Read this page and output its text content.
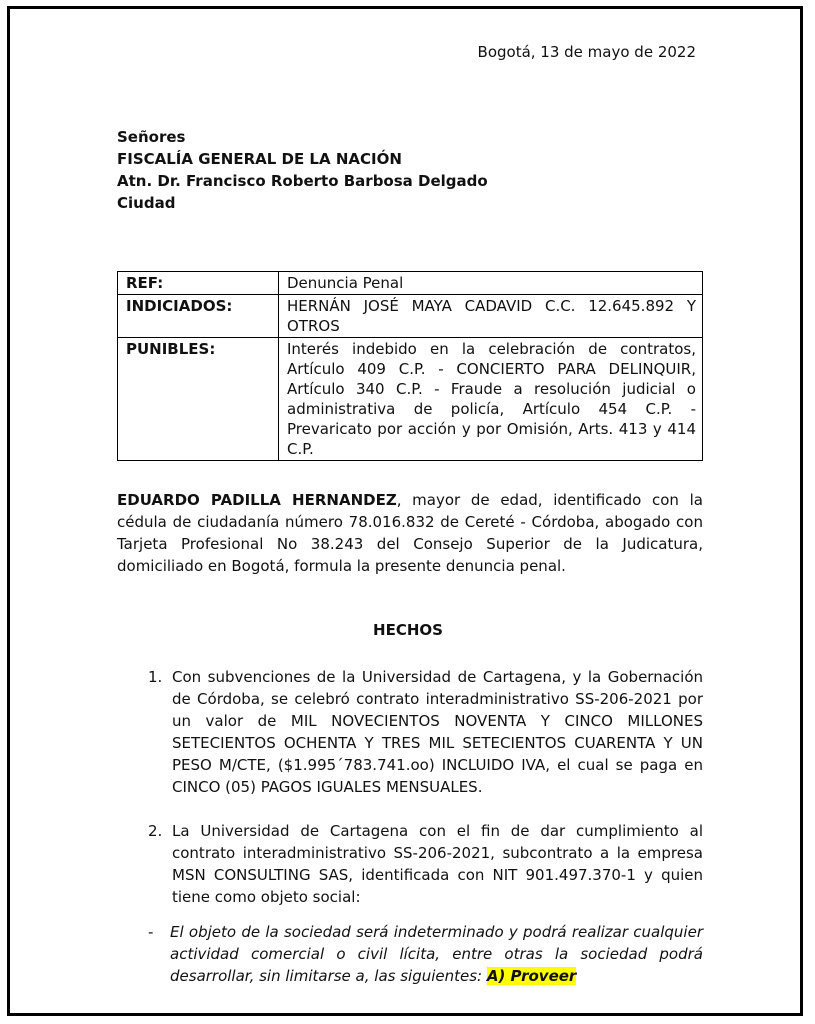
Bogotá, 13 de mayo de 2022
Señores
FISCALÍA GENERAL DE LA NACIÓN
Atn. Dr. Francisco Roberto Barbosa Delgado
Ciudad
REF:	Denuncia Penal
INDICIADOS:	HERNÁN JOSÉ MAYA CADAVID C.C. 12.645.892 Y OTROS
PUNIBLES:	Interés indebido en la celebración de contratos, Artículo 409 C.P. - CONCIERTO PARA DELINQUIR, Artículo 340 C.P. - Fraude a resolución judicial o administrativa de policía, Artículo 454 C.P. - Prevaricato por acción y por Omisión, Arts. 413 y 414 C.P.
EDUARDO PADILLA HERNANDEZ, mayor de edad, identificado con la cédula de ciudadanía número 78.016.832 de Cereté - Córdoba, abogado con Tarjeta Profesional No 38.243 del Consejo Superior de la Judicatura, domiciliado en Bogotá, formula la presente denuncia penal.
HECHOS
1. Con subvenciones de la Universidad de Cartagena, y la Gobernación de Córdoba, se celebró contrato interadministrativo SS-206-2021 por un valor de MIL NOVECIENTOS NOVENTA Y CINCO MILLONES SETECIENTOS OCHENTA Y TRES MIL SETECIENTOS CUARENTA Y UN PESO M/CTE, ($1.995´783.741.oo) INCLUIDO IVA, el cual se paga en CINCO (05) PAGOS IGUALES MENSUALES.
2. La Universidad de Cartagena con el fin de dar cumplimiento al contrato interadministrativo SS-206-2021, subcontrato a la empresa MSN CONSULTING SAS, identificada con NIT 901.497.370-1 y quien tiene como objeto social:
-	El objeto de la sociedad será indeterminado y podrá realizar cualquier actividad comercial o civil lícita, entre otras la sociedad podrá desarrollar, sin limitarse a, las siguientes: A) Proveer
